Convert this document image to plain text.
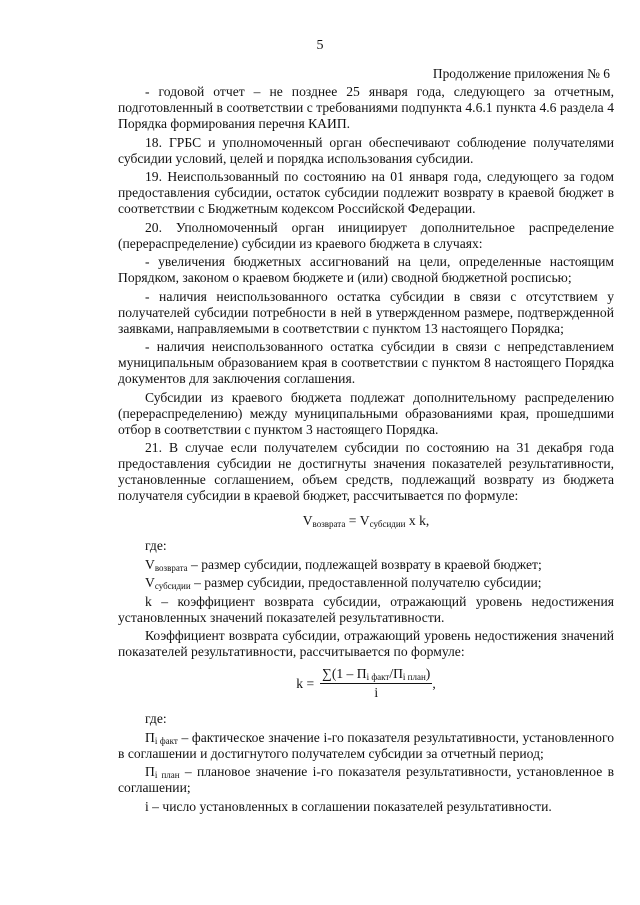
5
Продолжение приложения № 6

- годовой отчет – не позднее 25 января года, следующего за отчетным, подготовленный в соответствии с требованиями подпункта 4.6.1 пункта 4.6 раздела 4 Порядка формирования перечня КАИП.

18. ГРБС и уполномоченный орган обеспечивают соблюдение получателями субсидии условий, целей и порядка использования субсидии.

19. Неиспользованный по состоянию на 01 января года, следующего за годом предоставления субсидии, остаток субсидии подлежит возврату в краевой бюджет в соответствии с Бюджетным кодексом Российской Федерации.

20. Уполномоченный орган инициирует дополнительное распределение (перераспределение) субсидии из краевого бюджета в случаях:

- увеличения бюджетных ассигнований на цели, определенные настоящим Порядком, законом о краевом бюджете и (или) сводной бюджетной росписью;

- наличия неиспользованного остатка субсидии в связи с отсутствием у получателей субсидии потребности в ней в утвержденном размере, подтвержденной заявками, направляемыми в соответствии с пунктом 13 настоящего Порядка;

- наличия неиспользованного остатка субсидии в связи с непредставлением муниципальным образованием края в соответствии с пунктом 8 настоящего Порядка документов для заключения соглашения.

Субсидии из краевого бюджета подлежат дополнительному распределению (перераспределению) между муниципальными образованиями края, прошедшими отбор в соответствии с пунктом 3 настоящего Порядка.

21. В случае если получателем субсидии по состоянию на 31 декабря года предоставления субсидии не достигнуты значения показателей результативности, установленные соглашением, объем средств, подлежащий возврату из бюджета получателя субсидии в краевой бюджет, рассчитывается по формуле:

$V_{возврата} = V_{субсидии}$ x k,

где:

$V_{возврата}$ – размер субсидии, подлежащей возврату в краевой бюджет;

$V_{субсидии}$ – размер субсидии, предоставленной получателю субсидии;

k – коэффициент возврата субсидии, отражающий уровень недостижения установленных значений показателей результативности.

Коэффициент возврата субсидии, отражающий уровень недостижения значений показателей результативности, рассчитывается по формуле:

$k = \frac{\sum(1 - П_{i факт}/П_{i план})}{i}$ ,

где:

$П_{i факт}$ – фактическое значение i-го показателя результативности, установленного в соглашении и достигнутого получателем субсидии за отчетный период;

$П_{i план}$ – плановое значение i-го показателя результативности, установленное в соглашении;

i – число установленных в соглашении показателей результативности.
